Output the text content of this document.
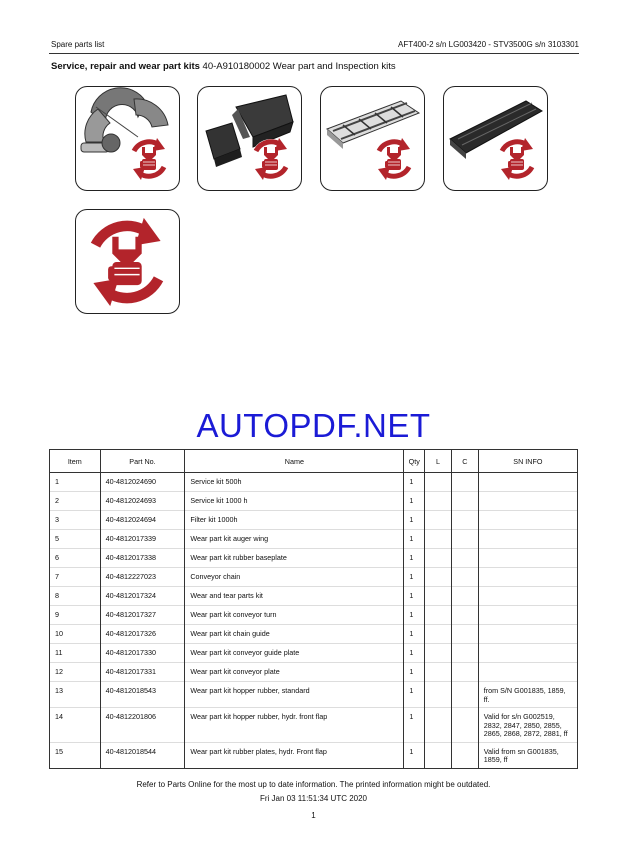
Spare parts list	AFT400-2 s/n LG003420 - STV3500G s/n 3103301
Service, repair and wear part kits 40-A910180002 Wear part and Inspection kits
AUTOPDF.NET
Item	Part No.	Name	Qty	L	C	SN INFO
1	40-4812024690	Service kit 500h	1			
2	40-4812024693	Service kit 1000 h	1			
3	40-4812024694	Filter kit 1000h	1			
5	40-4812017339	Wear part kit auger wing	1			
6	40-4812017338	Wear part kit rubber baseplate	1			
7	40-4812227023	Conveyor chain	1			
8	40-4812017324	Wear and tear parts kit	1			
9	40-4812017327	Wear part kit conveyor turn	1			
10	40-4812017326	Wear part kit chain guide	1			
11	40-4812017330	Wear part kit conveyor guide plate	1			
12	40-4812017331	Wear part kit conveyor plate	1			
13	40-4812018543	Wear part kit hopper rubber, standard	1			from S/N G001835, 1859, ff.
14	40-4812201806	Wear part kit hopper rubber, hydr. front flap	1			Valid for s/n G002519, 2832, 2847, 2850, 2855, 2865, 2868, 2872, 2881, ff
15	40-4812018544	Wear part kit rubber plates, hydr. Front flap	1			Valid from sn G001835, 1859, ff
Refer to Parts Online for the most up to date information. The printed information might be outdated.
Fri Jan 03 11:51:34 UTC 2020
1
